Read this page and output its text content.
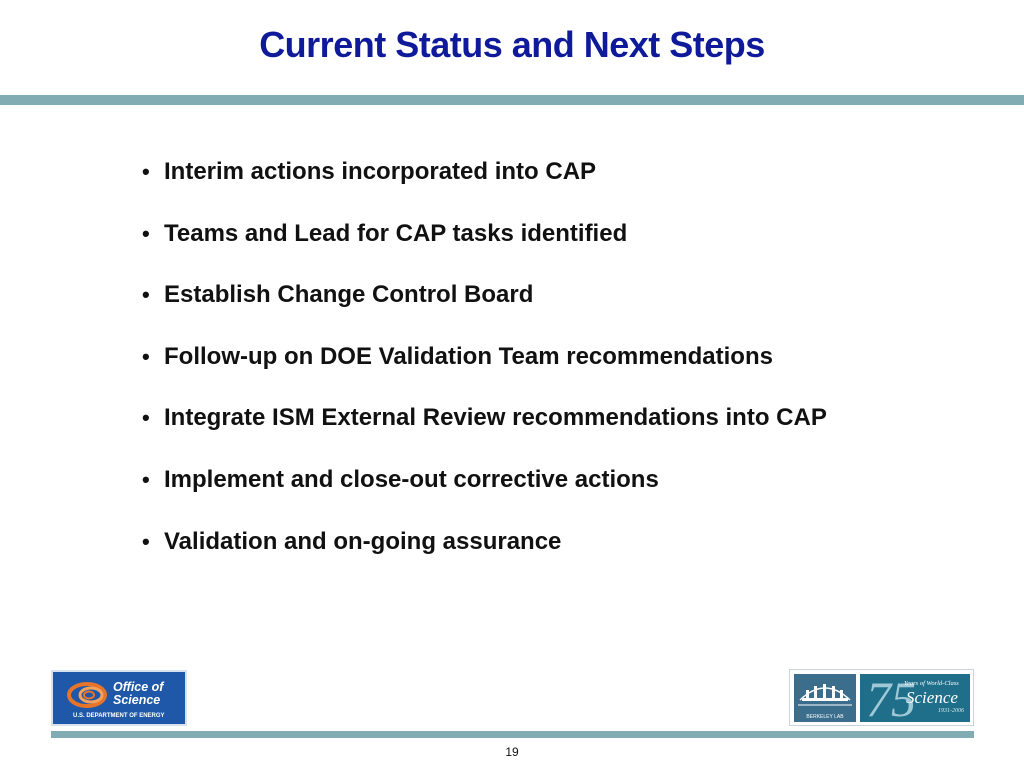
Current Status and Next Steps
• Interim actions incorporated into CAP
• Teams and Lead for CAP tasks identified
• Establish Change Control Board
• Follow-up on DOE Validation Team recommendations
• Integrate ISM External Review recommendations into CAP
• Implement and close-out corrective actions
• Validation and on-going assurance
Office of
Science
U.S. DEPARTMENT OF ENERGY	BERKELEY LAB 75
Years of World-Class
Science
1931-2006
19
